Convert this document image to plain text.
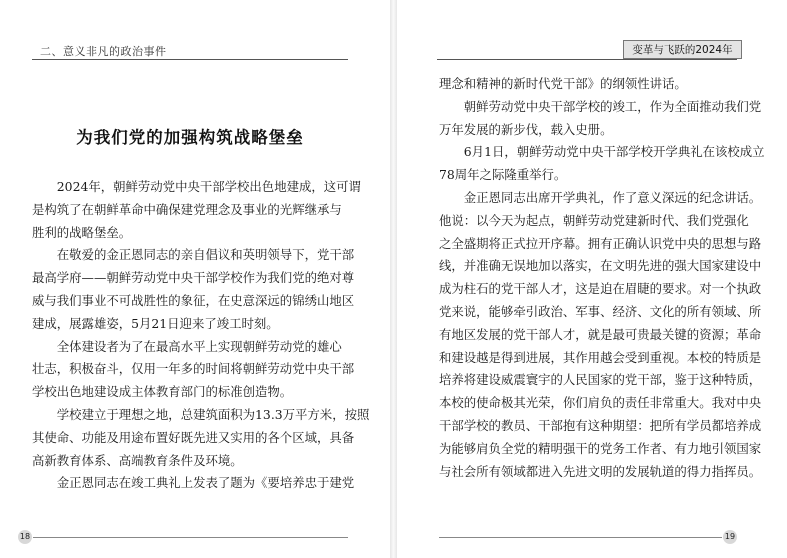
二、意义非凡的政治事件
为我们党的加强构筑战略堡垒

2024年，朝鲜劳动党中央干部学校出色地建成，这可谓
是构筑了在朝鲜革命中确保建党理念及事业的光辉继承与
胜利的战略堡垒。

在敬爱的金正恩同志的亲自倡议和英明领导下，党干部
最高学府——朝鲜劳动党中央干部学校作为我们党的绝对尊
威与我们事业不可战胜性的象征，在史意深远的锦绣山地区
建成，展露雄姿，5月21日迎来了竣工时刻。

全体建设者为了在最高水平上实现朝鲜劳动党的雄心
壮志，积极奋斗，仅用一年多的时间将朝鲜劳动党中央干部
学校出色地建设成主体教育部门的标准创造物。

学校建立于理想之地，总建筑面积为13.3万平方米，按照
其使命、功能及用途布置好既先进又实用的各个区域，具备
高新教育体系、高端教育条件及环境。

金正恩同志在竣工典礼上发表了题为《要培养忠于建党

18
变革与飞跃的2024年

理念和精神的新时代党干部》的纲领性讲话。

朝鲜劳动党中央干部学校的竣工，作为全面推动我们党
万年发展的新步伐，载入史册。

6月1日，朝鲜劳动党中央干部学校开学典礼在该校成立
78周年之际隆重举行。

金正恩同志出席开学典礼，作了意义深远的纪念讲话。
他说：以今天为起点，朝鲜劳动党建新时代、我们党强化
之全盛期将正式拉开序幕。拥有正确认识党中央的思想与路
线，并准确无误地加以落实，在文明先进的强大国家建设中
成为柱石的党干部人才，这是迫在眉睫的要求。对一个执政
党来说，能够牵引政治、军事、经济、文化的所有领域、所
有地区发展的党干部人才，就是最可贵最关键的资源；革命
和建设越是得到进展，其作用越会受到重视。本校的特质是
培养将建设威震寰宇的人民国家的党干部，鉴于这种特质，
本校的使命极其光荣，你们肩负的责任非常重大。我对中央
干部学校的教员、干部抱有这种期望：把所有学员都培养成
为能够肩负全党的精明强干的党务工作者、有力地引领国家
与社会所有领域都进入先进文明的发展轨道的得力指挥员。

19
